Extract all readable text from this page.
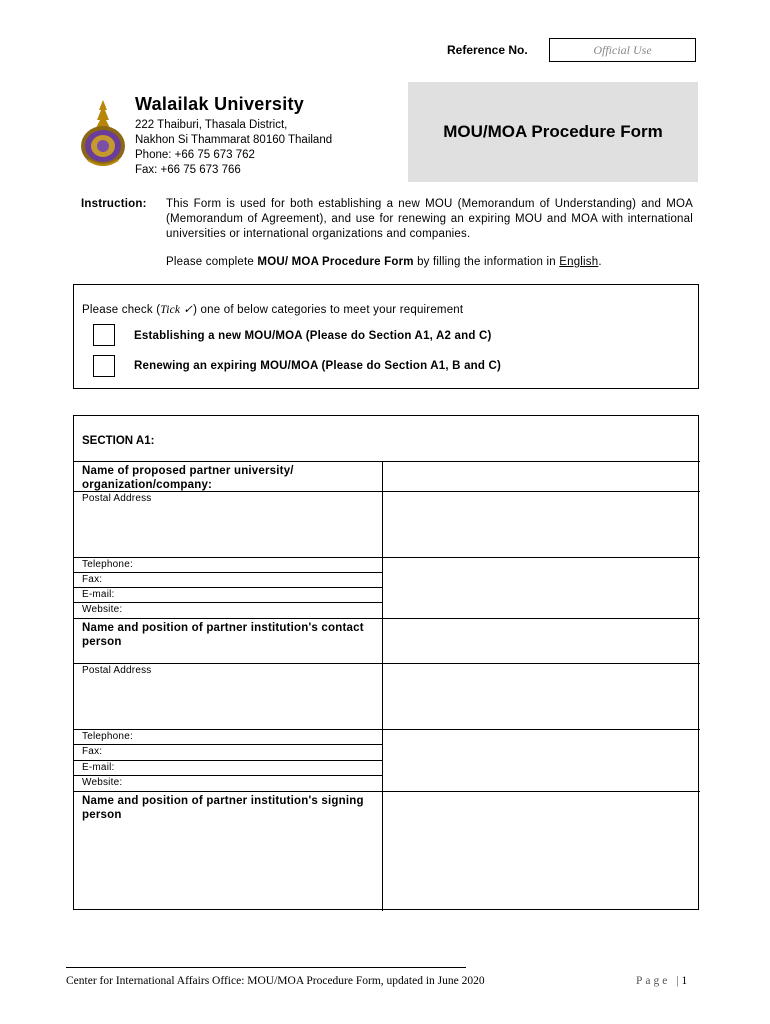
Reference No.	Official Use
Walailak University
222 Thaiburi, Thasala District,
Nakhon Si Thammarat 80160 Thailand
Phone: +66 75 673 762
Fax: +66 75 673 766
MOU/MOA Procedure Form
Instruction: This Form is used for both establishing a new MOU (Memorandum of Understanding) and MOA (Memorandum of Agreement), and use for renewing an expiring MOU and MOA with international universities or international organizations and companies.
Please complete MOU/ MOA Procedure Form by filling the information in English.
Please check (Tick ✓) one of below categories to meet your requirement
Establishing a new MOU/MOA (Please do Section A1, A2 and C)
Renewing an expiring MOU/MOA (Please do Section A1, B and C)
SECTION A1:
Name of proposed partner university/ organization/company:
Postal Address
Telephone:
Fax:
E-mail:
Website:
Name and position of partner institution's contact person
Postal Address
Telephone:
Fax:
E-mail:
Website:
Name and position of partner institution's signing person
Center for International Affairs Office: MOU/MOA Procedure Form, updated in June 2020	Page |1
